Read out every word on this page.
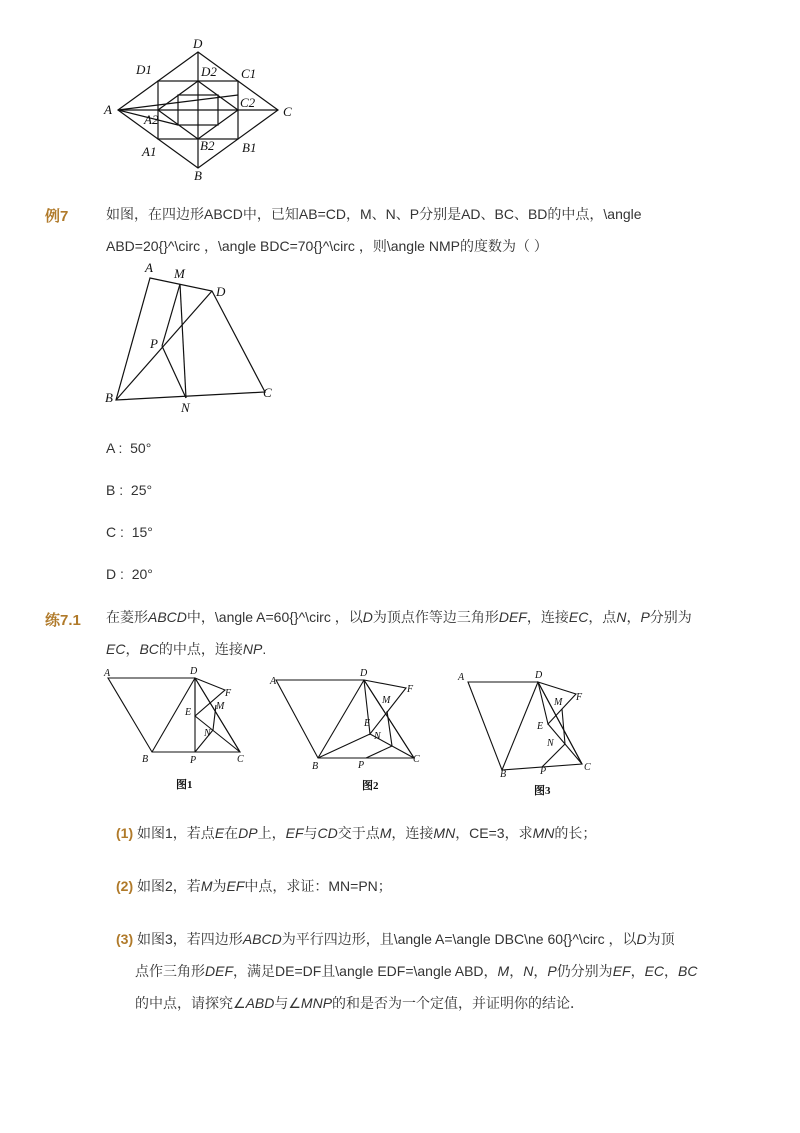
D
D1	D2 C1
A
A2
C2
C
A1	B2 B1
B
例7	如图，在四边形ABCD中，已知AB=CD，M、N、P分别是AD、BC、BD的中点，\angle
ABD=20{}^\circ ，\angle BDC=70{}^\circ ，则\angle NMP的度数为（ ）
A M
D
P
B
N
C
A :  50°
B :  25°
C :  15°
D :  20°
练7.1 在菱形ABCD中，\angle A=60{}^\circ ，以D为顶点作等边三角形DEF，连接EC，点N，P分别为
EC，BC的中点，连接NP.
A	D
F
M
E
N
B	P	C
图1
A
D
F
M
E
N
B	P
C
图2
A	D
F
M
E
N
B	P	C
图3
(1) 如图1，若点E在DP上，EF与CD交于点M，连接MN，CE=3，求MN的长；
(2) 如图2，若M为EF中点，求证：MN=PN；
(3) 如图3，若四边形ABCD为平行四边形，且\angle A=\angle DBC\ne 60{}^\circ ，以D为顶
点作三角形DEF，满足DE=DF且\angle EDF=\angle ABD，M，N，P仍分别为EF，EC，BC
的中点，请探究∠ABD与∠MNP的和是否为一个定值，并证明你的结论．
